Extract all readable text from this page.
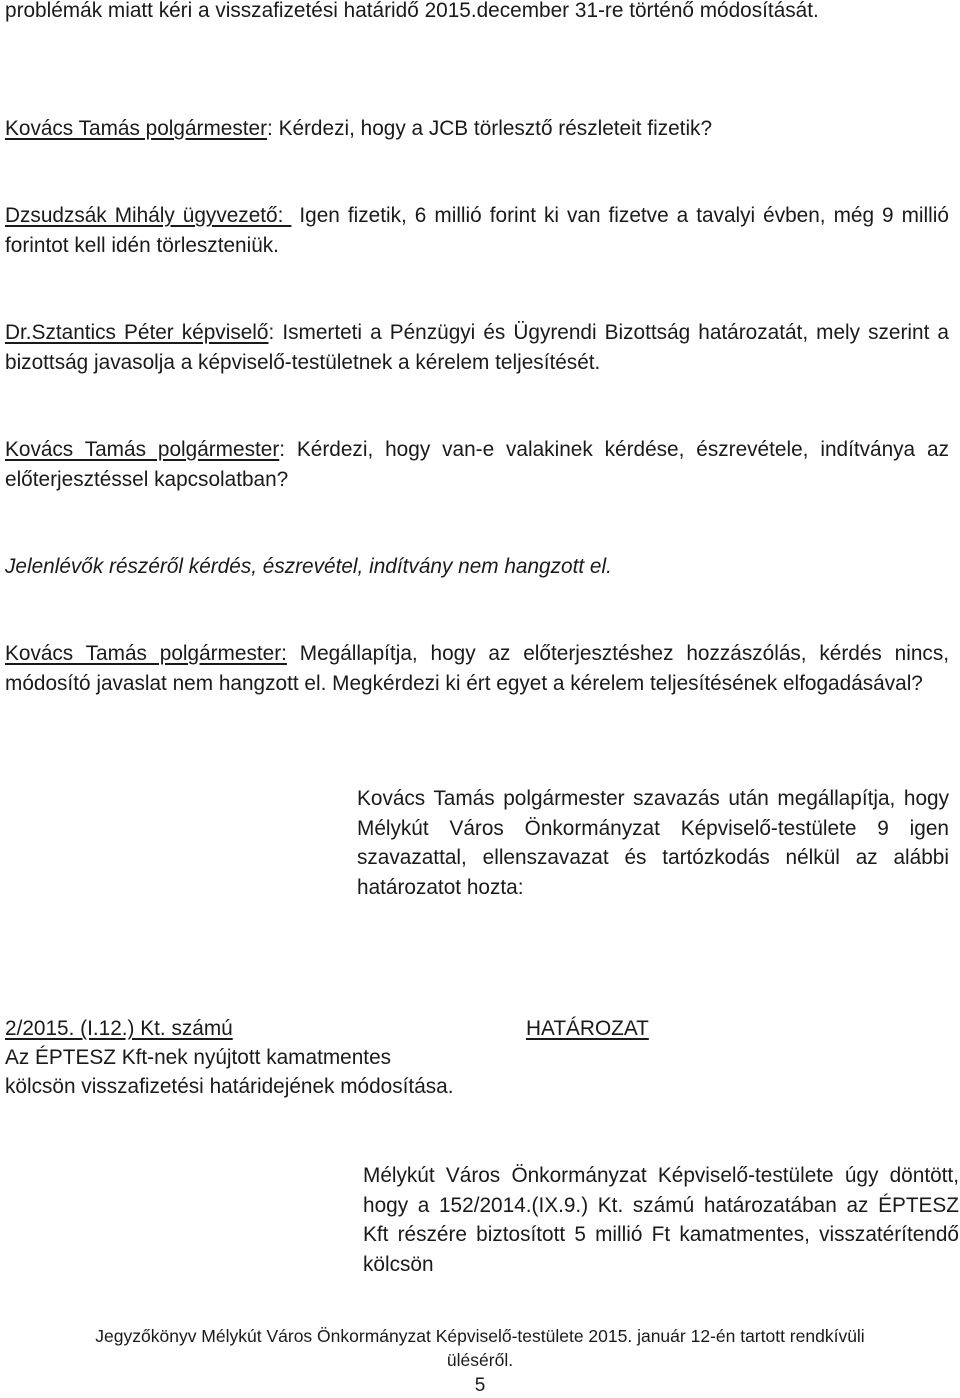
problémák miatt kéri a visszafizetési határidő 2015.december 31-re történő módosítását.

Kovács Tamás polgármester: Kérdezi, hogy a JCB törlesztő részleteit fizetik?

Dzsudzsák Mihály ügyvezető:  Igen fizetik, 6 millió forint ki van fizetve a tavalyi évben, még 9 millió forintot kell idén törleszteniük.

Dr.Sztantics Péter képviselő: Ismerteti a Pénzügyi és Ügyrendi Bizottság határozatát, mely szerint a bizottság javasolja a képviselő-testületnek a kérelem teljesítését.

Kovács Tamás polgármester: Kérdezi, hogy van-e valakinek kérdése, észrevétele, indítványa az előterjesztéssel kapcsolatban?

Jelenlévők részéről kérdés, észrevétel, indítvány nem hangzott el.

Kovács Tamás polgármester: Megállapítja, hogy az előterjesztéshez hozzászólás, kérdés nincs, módosító javaslat nem hangzott el. Megkérdezi ki ért egyet a kérelem teljesítésének elfogadásával?

Kovács Tamás polgármester szavazás után megállapítja, hogy Mélykút Város Önkormányzat Képviselő-testülete 9 igen szavazattal, ellenszavazat és tartózkodás nélkül az alábbi határozatot hozta:

2/2015. (I.12.) Kt. számú	HATÁROZAT
Az ÉPTESZ Kft-nek nyújtott kamatmentes
kölcsön visszafizetési határidejének módosítása.

Mélykút Város Önkormányzat Képviselő-testülete úgy döntött, hogy a 152/2014.(IX.9.) Kt. számú határozatában az ÉPTESZ Kft részére biztosított 5 millió Ft kamatmentes, visszatérítendő kölcsön

Jegyzőkönyv Mélykút Város Önkormányzat Képviselő-testülete 2015. január 12-én tartott rendkívüli
üléséről.
5
